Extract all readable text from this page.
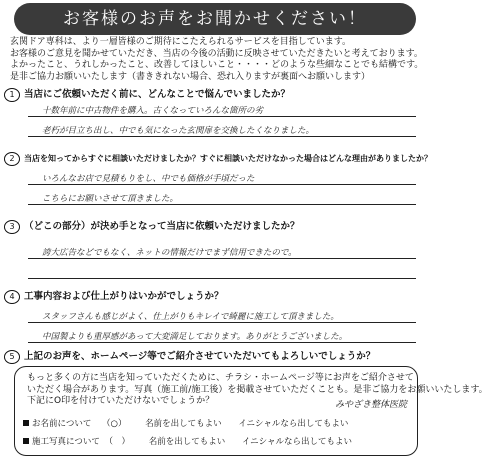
お客様のお声をお聞かせください！
玄関ドア専科は、より一層皆様のご期待にこたえられるサービスを目指しています。
お客様のご意見を聞かせていただき、当店の今後の活動に反映させていただきたいと考えております。
よかったこと、うれしかったこと、改善してほしいこと・・・・どのような些細なことでも結構です。
是非ご協力お願いいたします（書ききれない場合、恐れ入りますが裏面へお願いします）
1 当店にご依頼いただく前に、どんなことで悩んでいましたか？
十数年前に中古物件を購入。古くなっていろんな箇所の劣
老朽が目立ち出し、中でも気になった玄関扉を交換したくなりました。
2	当店を知ってからすぐに相談いただけましたか？すぐに相談いただけなかった場合はどんな理由がありましたか？
いろんなお店で見積もりをし、中でも価格が手頃だった
こちらにお願いさせて頂きました。
3 （どこの部分）が決め手となって当店に依頼いただけましたか？
誇大広告などでもなく、ネットの情報だけでまず信用できたので。
4 工事内容および仕上がりはいかがでしょうか？
スタッフさんも感じがよく、仕上がりもキレイで綺麗に施工して頂きました。
中国製よりも重厚感があって大変満足しております。ありがとうございました。
5 上記のお声を、ホームページ等でご紹介させていただいてもよろしいでしょうか？
もっと多くの方に当店を知っていただくために、チラシ・ホームページ等にお声をご紹介させて
いただく場合があります。写真（施工前/施工後）を掲載させていただくことも。是非ご協力をお願いいたします。
下記にO印を付けていただけないでしょうか？	みやざき整体医院
お名前について （○） 名前を出してもよい イニシャルなら出してもよい
施工写真について （　） 名前を出してもよい イニシャルなら出してもよい
